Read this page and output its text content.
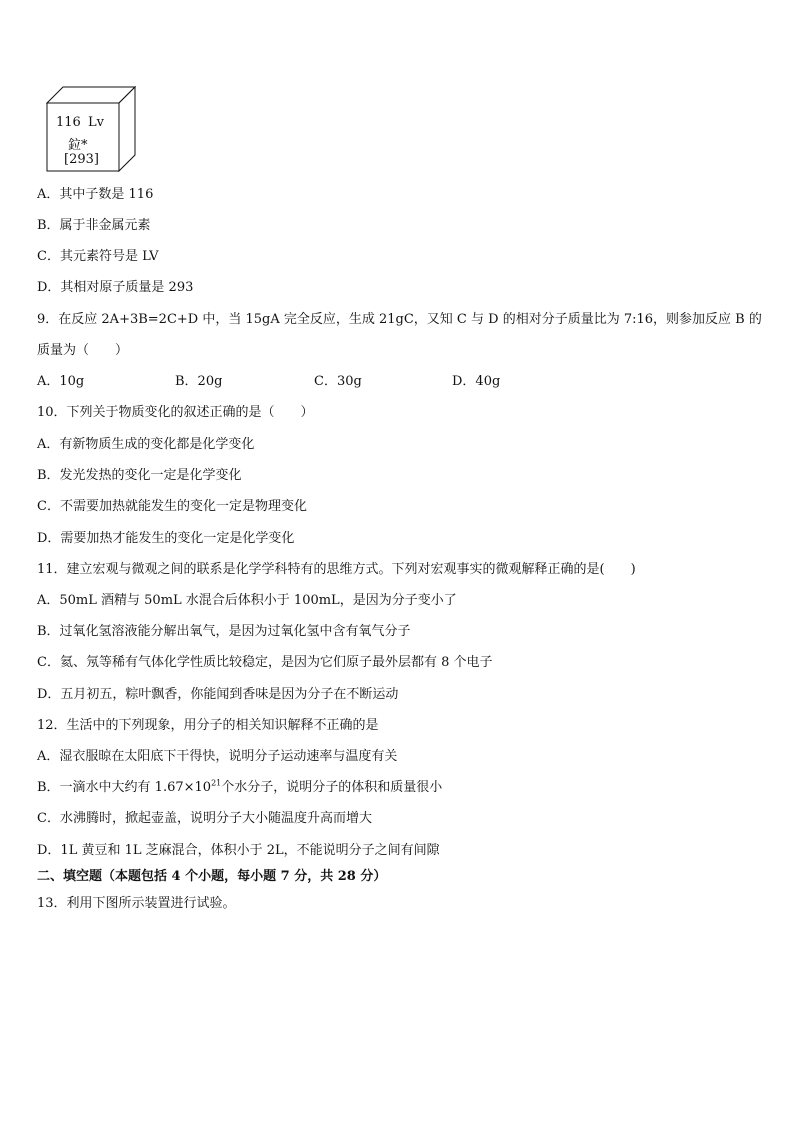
116 Lv
鉝*
[293]
A．其中子数是 116
B．属于非金属元素
C．其元素符号是 LV
D．其相对原子质量是 293
9．在反应 2A+3B=2C+D 中，当 15gA 完全反应，生成 21gC，又知 C 与 D 的相对分子质量比为 7:16，则参加反应 B 的
质量为（　　）
A．10g	B．20g	C．30g	D．40g
10．下列关于物质变化的叙述正确的是（　　）
A．有新物质生成的变化都是化学变化
B．发光发热的变化一定是化学变化
C．不需要加热就能发生的变化一定是物理变化
D．需要加热才能发生的变化一定是化学变化
11．建立宏观与微观之间的联系是化学学科特有的思维方式。下列对宏观事实的微观解释正确的是(　　)
A．50mL 酒精与 50mL 水混合后体积小于 100mL，是因为分子变小了
B．过氧化氢溶液能分解出氧气，是因为过氧化氢中含有氧气分子
C．氦、氖等稀有气体化学性质比较稳定，是因为它们原子最外层都有 8 个电子
D．五月初五，粽叶飘香，你能闻到香味是因为分子在不断运动
12．生活中的下列现象，用分子的相关知识解释不正确的是
A．湿衣服晾在太阳底下干得快，说明分子运动速率与温度有关
B．一滴水中大约有 $1.67\times 10^{21}$个水分子，说明分子的体积和质量很小
C．水沸腾时，掀起壶盖，说明分子大小随温度升高而增大
D．1L 黄豆和 1L 芝麻混合，体积小于 2L，不能说明分子之间有间隙
二、填空题（本题包括 4 个小题，每小题 7 分，共 28 分）
13．利用下图所示装置进行试验。
